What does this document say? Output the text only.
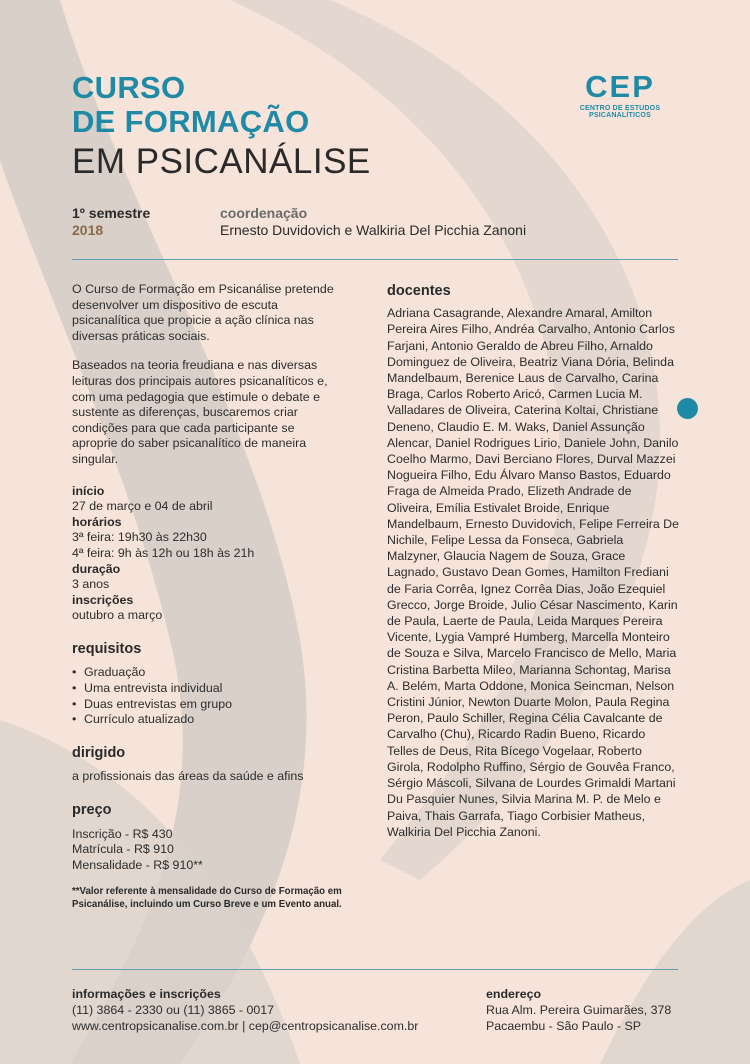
CURSO
DE FORMAÇÃO
EM PSICANÁLISE
CEP
CENTRO DE ESTUDOS PSICANALÍTICOS
1º semestre
2018
coordenação
Ernesto Duvidovich e Walkiria Del Picchia Zanoni

O Curso de Formação em Psicanálise pretende desenvolver um dispositivo de escuta psicanalítica que propicie a ação clínica nas diversas práticas sociais.

Baseados na teoria freudiana e nas diversas leituras dos principais autores psicanalíticos e, com uma pedagogia que estimule o debate e sustente as diferenças, buscaremos criar condições para que cada participante se aproprie do saber psicanalítico de maneira singular.

início
27 de março e 04 de abril
horários
3ª feira: 19h30 às 22h30
4ª feira: 9h às 12h ou 18h às 21h
duração
3 anos
inscrições
outubro a março
requisitos
• Graduação
• Uma entrevista individual
• Duas entrevistas em grupo
• Currículo atualizado
dirigido
a profissionais das áreas da saúde e afins
preço
Inscrição - R$ 430
Matrícula - R$ 910
Mensalidade - R$ 910**
**Valor referente à mensalidade do Curso de Formação em Psicanálise, incluindo um Curso Breve e um Evento anual.
docentes
Adriana Casagrande, Alexandre Amaral, Amilton Pereira Aires Filho, Andréa Carvalho, Antonio Carlos Farjani, Antonio Geraldo de Abreu Filho, Arnaldo Dominguez de Oliveira, Beatriz Viana Dória, Belinda Mandelbaum, Berenice Laus de Carvalho, Carina Braga, Carlos Roberto Aricó, Carmen Lucia M. Valladares de Oliveira, Caterina Koltai, Christiane Deneno, Claudio E. M. Waks, Daniel Assunção Alencar, Daniel Rodrigues Lirio, Daniele John, Danilo Coelho Marmo, Davi Berciano Flores, Durval Mazzei Nogueira Filho, Edu Álvaro Manso Bastos, Eduardo Fraga de Almeida Prado, Elizeth Andrade de Oliveira, Emília Estivalet Broide, Enrique Mandelbaum, Ernesto Duvidovich, Felipe Ferreira De Nichile, Felipe Lessa da Fonseca, Gabriela Malzyner, Glaucia Nagem de Souza, Grace Lagnado, Gustavo Dean Gomes, Hamilton Frediani de Faria Corrêa, Ignez Corrêa Dias, João Ezequiel Grecco, Jorge Broide, Julio César Nascimento, Karin de Paula, Laerte de Paula, Leida Marques Pereira Vicente, Lygia Vampré Humberg, Marcella Monteiro de Souza e Silva, Marcelo Francisco de Mello, Maria Cristina Barbetta Mileo, Marianna Schontag, Marisa A. Belém, Marta Oddone, Monica Seincman, Nelson Cristini Júnior, Newton Duarte Molon, Paula Regina Peron, Paulo Schiller, Regina Célia Cavalcante de Carvalho (Chu), Ricardo Radin Bueno, Ricardo Telles de Deus, Rita Bícego Vogelaar, Roberto Girola, Rodolpho Ruffino, Sérgio de Gouvêa Franco, Sérgio Máscoli, Silvana de Lourdes Grimaldi Martani Du Pasquier Nunes, Silvia Marina M. P. de Melo e Paiva, Thais Garrafa, Tiago Corbisier Matheus, Walkiria Del Picchia Zanoni.
informações e inscrições
(11) 3864 - 2330 ou (11) 3865 - 0017
www.centropsicanalise.com.br | cep@centropsicanalise.com.br
endereço
Rua Alm. Pereira Guimarães, 378
Pacaembu - São Paulo - SP
